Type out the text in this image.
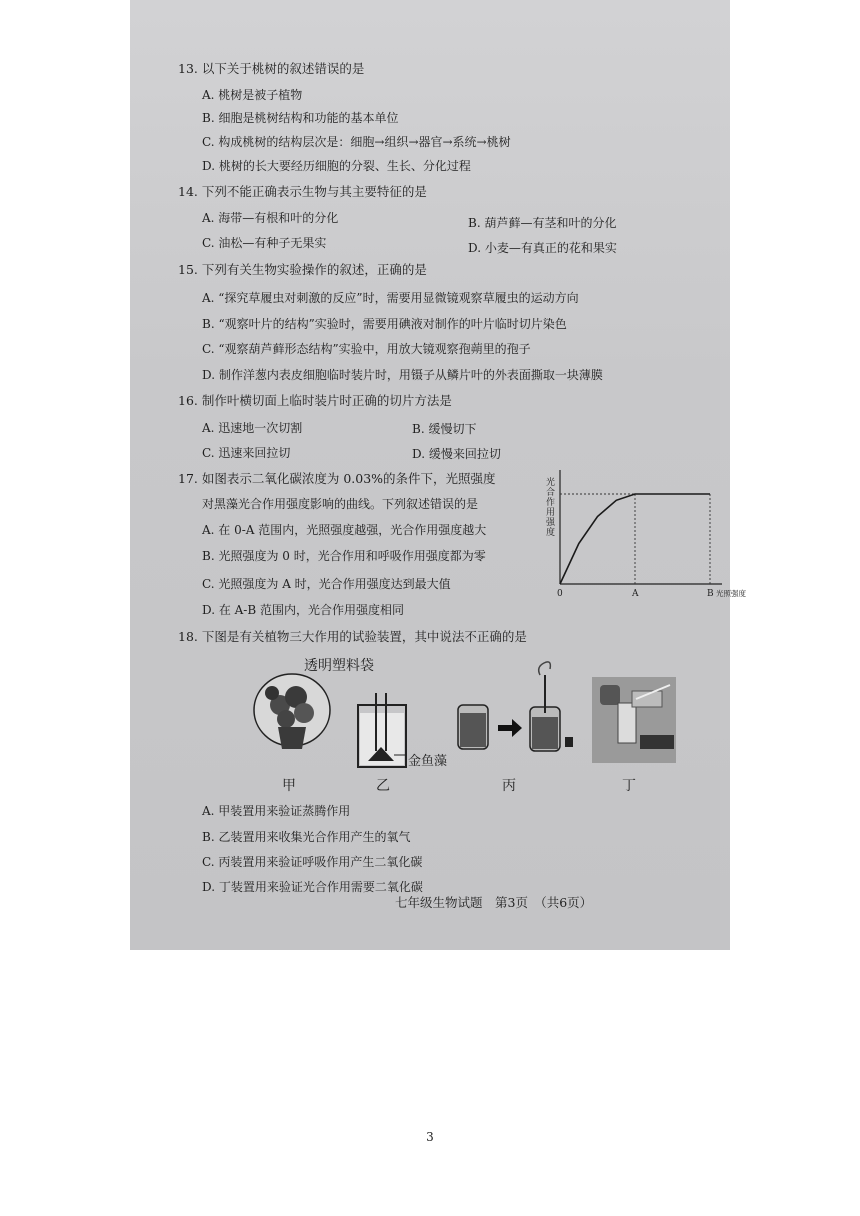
13. 以下关于桃树的叙述错误的是
A. 桃树是被子植物
B. 细胞是桃树结构和功能的基本单位
C. 构成桃树的结构层次是：细胞→组织→器官→系统→桃树
D. 桃树的长大要经历细胞的分裂、生长、分化过程
14. 下列不能正确表示生物与其主要特征的是
A. 海带—有根和叶的分化	B. 葫芦藓—有茎和叶的分化
C. 油松—有种子无果实	D. 小麦—有真正的花和果实
15. 下列有关生物实验操作的叙述，正确的是
A. “探究草履虫对刺激的反应”时，需要用显微镜观察草履虫的运动方向
B. “观察叶片的结构”实验时，需要用碘液对制作的叶片临时切片染色
C. “观察葫芦藓形态结构”实验中，用放大镜观察孢蒴里的孢子
D. 制作洋葱内表皮细胞临时装片时，用镊子从鳞片叶的外表面撕取一块薄膜
16. 制作叶横切面上临时装片时正确的切片方法是
A. 迅速地一次切割	B. 缓慢切下
C. 迅速来回拉切	D. 缓慢来回拉切
17. 如图表示二氧化碳浓度为 0.03%的条件下，光照强度
对黑藻光合作用强度影响的曲线。下列叙述错误的是
A. 在 0-A 范围内，光照强度越强，光合作用强度越大
B. 光照强度为 0 时，光合作用和呼吸作用强度都为零
C. 光照强度为 A 时，光合作用强度达到最大值
D. 在 A-B 范围内，光合作用强度相同
0	A	B 光照强度
光合作用强度
18. 下图是有关植物三大作用的试验装置，其中说法不正确的是
透明塑料袋
金鱼藻
甲	乙	丙	丁
A. 甲装置用来验证蒸腾作用
B. 乙装置用来收集光合作用产生的氧气
C. 丙装置用来验证呼吸作用产生二氧化碳
D. 丁装置用来验证光合作用需要二氧化碳
七年级生物试题　第3页　（共6页）
3
